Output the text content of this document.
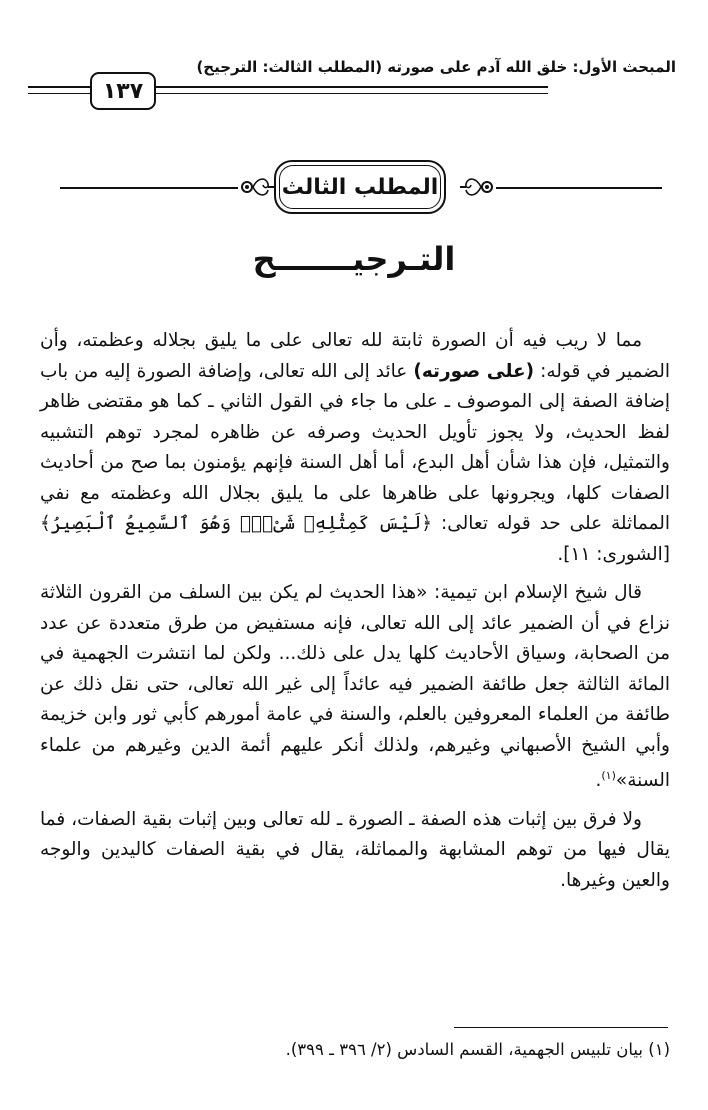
المبحث الأول: خلق الله آدم على صورته (المطلب الثالث: الترجيح)
١٣٧
المطلب الثالث
التـرجيـــــــح

مما لا ريب فيه أن الصورة ثابتة لله تعالى على ما يليق بجلاله وعظمته، وأن الضمير في قوله: (على صورته) عائد إلى الله تعالى، وإضافة الصورة إليه من باب إضافة الصفة إلى الموصوف ـ على ما جاء في القول الثاني ـ كما هو مقتضى ظاهر لفظ الحديث، ولا يجوز تأويل الحديث وصرفه عن ظاهره لمجرد توهم التشبيه والتمثيل، فإن هذا شأن أهل البدع، أما أهل السنة فإنهم يؤمنون بما صح من أحاديث الصفات كلها، ويجرونها على ظاهرها على ما يليق بجلال الله وعظمته مع نفي المماثلة على حد قوله تعالى: ﴿لَيْسَ كَمِثْلِهِۦ شَىْءٌۖ وَهُوَ ٱلسَّمِيعُ ٱلْبَصِيرُ﴾ [الشورى: ١١].

قال شيخ الإسلام ابن تيمية: «هذا الحديث لم يكن بين السلف من القرون الثلاثة نزاع في أن الضمير عائد إلى الله تعالى، فإنه مستفيض من طرق متعددة عن عدد من الصحابة، وسياق الأحاديث كلها يدل على ذلك... ولكن لما انتشرت الجهمية في المائة الثالثة جعل طائفة الضمير فيه عائداً إلى غير الله تعالى، حتى نقل ذلك عن طائفة من العلماء المعروفين بالعلم، والسنة في عامة أمورهم كأبي ثور وابن خزيمة وأبي الشيخ الأصبهاني وغيرهم، ولذلك أنكر عليهم أئمة الدين وغيرهم من علماء السنة»$^{(١)}$.

ولا فرق بين إثبات هذه الصفة ـ الصورة ـ لله تعالى وبين إثبات بقية الصفات، فما يقال فيها من توهم المشابهة والمماثلة، يقال في بقية الصفات كاليدين والوجه والعين وغيرها.

(١) بيان تلبيس الجهمية، القسم السادس (٢/ ٣٩٦ ـ ٣٩٩).
